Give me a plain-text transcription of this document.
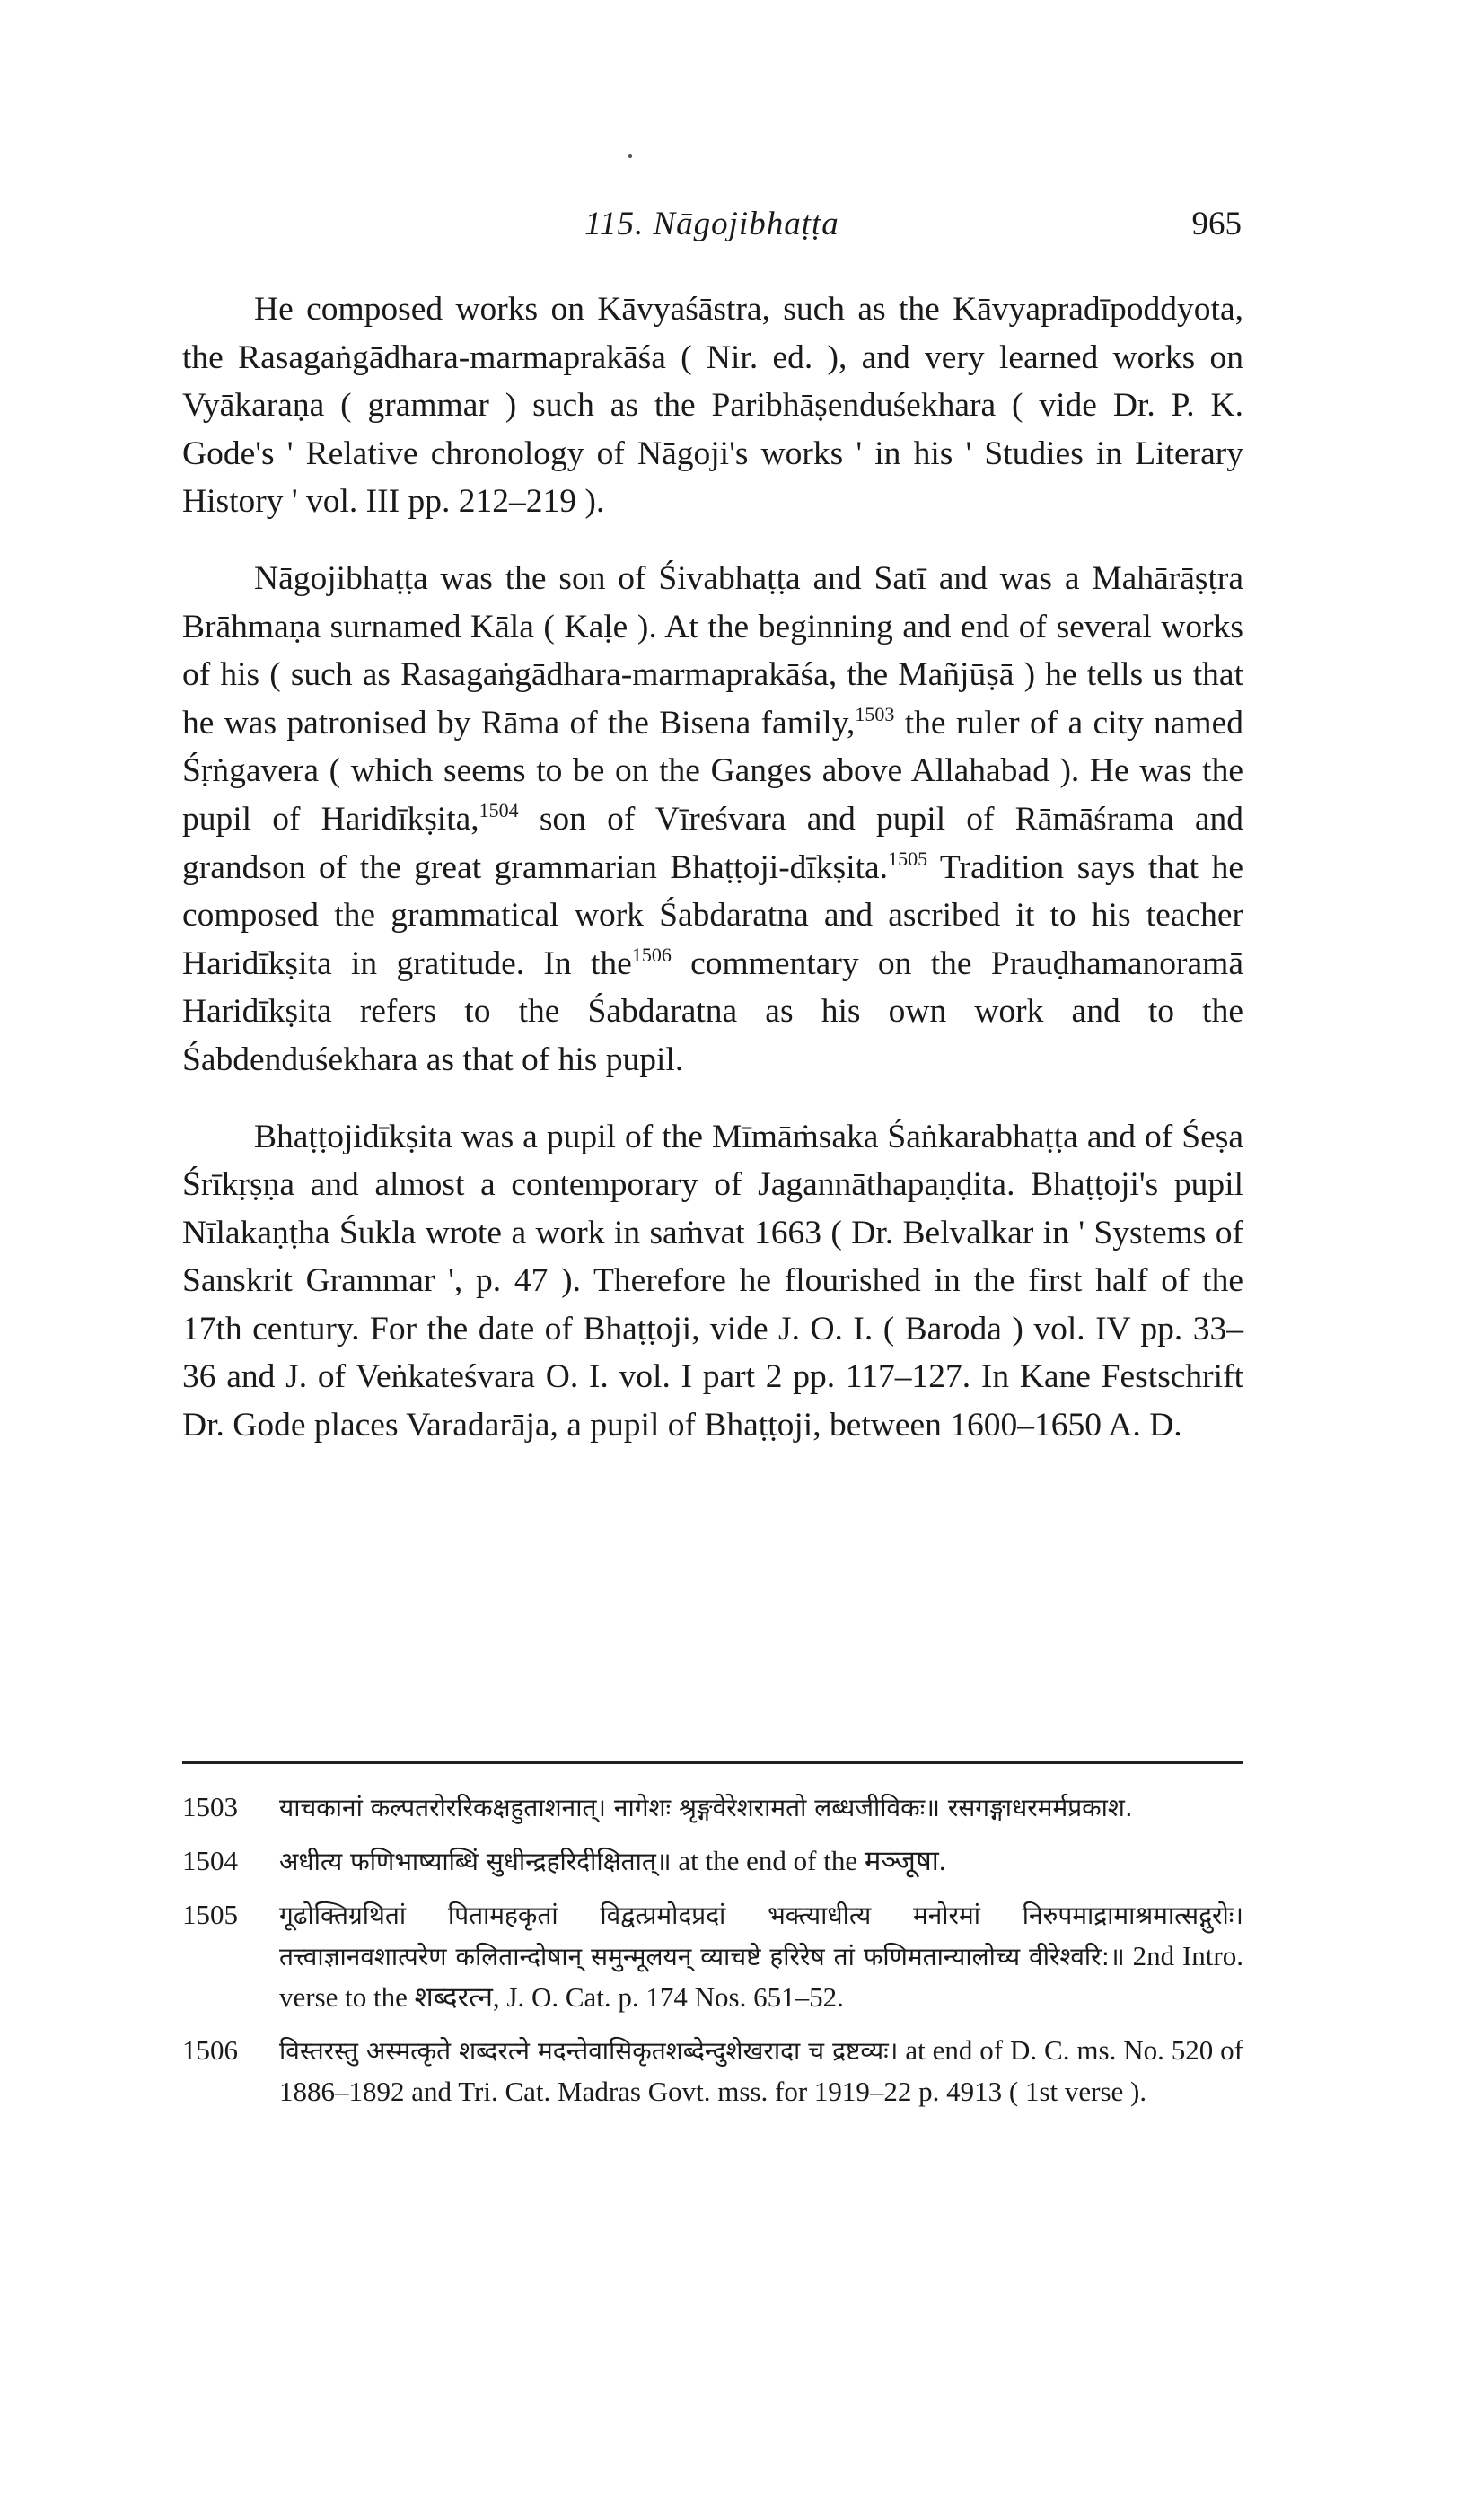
115. Nāgojibhaṭṭa	965

He composed works on Kāvyaśāstra, such as the Kāvyapradīpoddyota, the Rasagaṅgādhara-marmaprakāśa ( Nir. ed. ), and very learned works on Vyākaraṇa ( grammar ) such as the Paribhāṣenduśekhara ( vide Dr. P. K. Gode's ' Relative chronology of Nāgoji's works ' in his ' Studies in Literary History ' vol. III pp. 212–219 ).

Nāgojibhaṭṭa was the son of Śivabhaṭṭa and Satī and was a Mahārāṣṭra Brāhmaṇa surnamed Kāla ( Kaḷe ). At the beginning and end of several works of his ( such as Rasagaṅgādhara-marmaprakāśa, the Mañjūṣā ) he tells us that he was patronised by Rāma of the Bisena family,$^{1503}$ the ruler of a city named Śṛṅgavera ( which seems to be on the Ganges above Allahabad ). He was the pupil of Haridīkṣita,$^{1504}$ son of Vīreśvara and pupil of Rāmāśrama and grandson of the great grammarian Bhaṭṭoji-dīkṣita.$^{1505}$ Tradition says that he composed the grammatical work Śabdaratna and ascribed it to his teacher Haridīkṣita in gratitude. In the$^{1506}$ commentary on the Prauḍhamanoramā Haridīkṣita refers to the Śabdaratna as his own work and to the Śabdenduśekhara as that of his pupil.

Bhaṭṭojidīkṣita was a pupil of the Mīmāṁsaka Śaṅkarabhaṭṭa and of Śeṣa Śrīkṛṣṇa and almost a contemporary of Jagannāthapaṇḍita. Bhaṭṭoji's pupil Nīlakaṇṭha Śukla wrote a work in saṁvat 1663 ( Dr. Belvalkar in ' Systems of Sanskrit Grammar ', p. 47 ). Therefore he flourished in the first half of the 17th century. For the date of Bhaṭṭoji, vide J. O. I. ( Baroda ) vol. IV pp. 33–36 and J. of Veṅkateśvara O. I. vol. I part 2 pp. 117–127. In Kane Festschrift Dr. Gode places Varadarāja, a pupil of Bhaṭṭoji, between 1600–1650 A. D.

1503	याचकानां कल्पतरोररिकक्षहुताशनात्। नागेशः श्रृङ्गवेरेशरामतो लब्धजीविकः॥ रसगङ्गाधरमर्मप्रकाश.
1504	अधीत्य फणिभाष्याब्धिं सुधीन्द्रहरिदीक्षितात्॥ at the end of the मञ्जूषा.
1505	गूढोक्तिग्रथितां पितामहकृतां विद्वत्प्रमोदप्रदां भक्त्याधीत्य मनोरमां निरुपमाद्रामाश्रमात्सद्गुरोः। तत्त्वाज्ञानवशात्परेण कलितान्दोषान् समुन्मूलयन् व्याचष्टे हरिरेष तां फणिमतान्यालोच्य वीरेश्वरि:॥ 2nd Intro. verse to the शब्दरत्न, J. O. Cat. p. 174 Nos. 651–52.
1506	विस्तरस्तु अस्मत्कृते शब्दरत्ने मदन्तेवासिकृतशब्देन्दुशेखरादा च द्रष्टव्यः। at end of D. C. ms. No. 520 of 1886–1892 and Tri. Cat. Madras Govt. mss. for 1919–22 p. 4913 ( 1st verse ).
